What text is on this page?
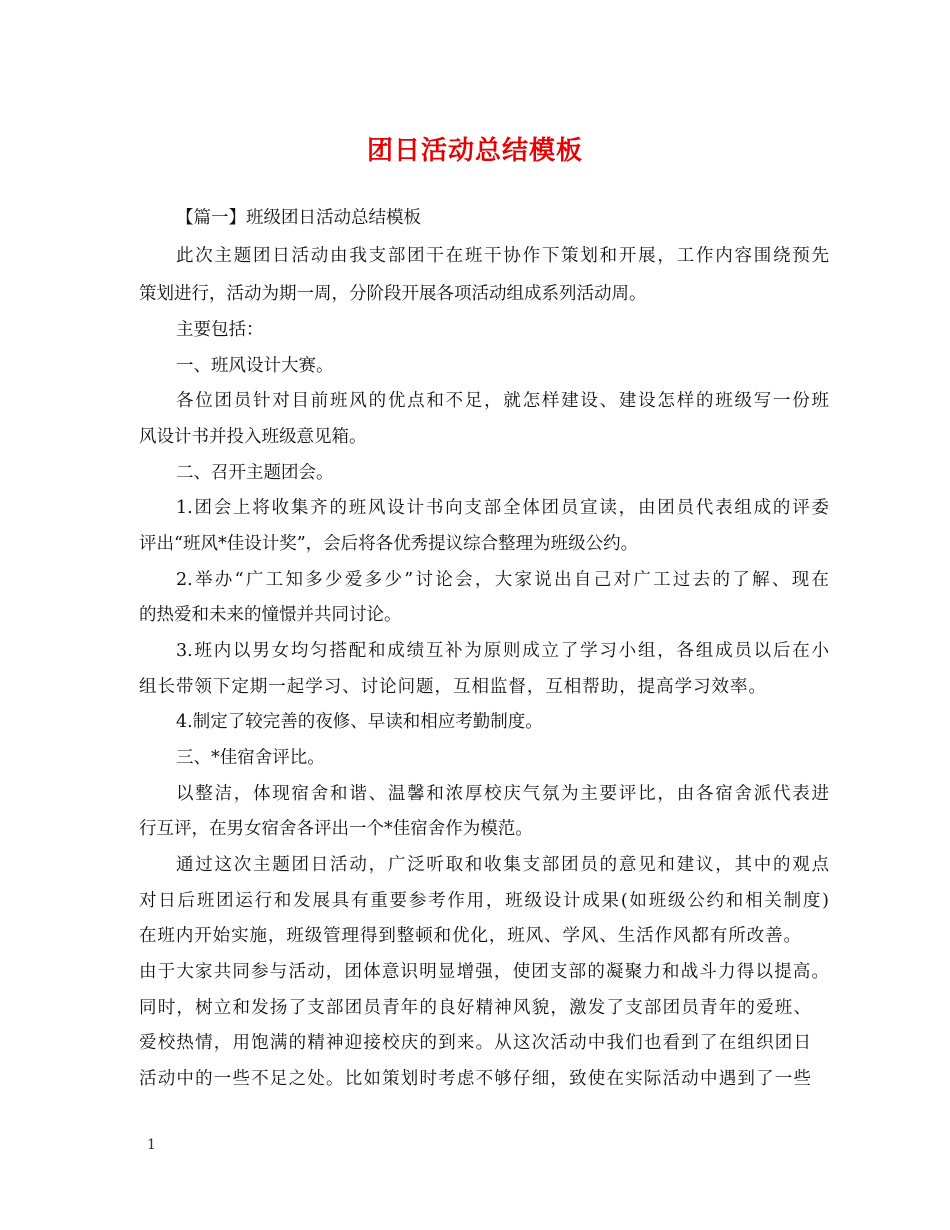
团日活动总结模板

【篇一】班级团日活动总结模板

此次主题团日活动由我支部团干在班干协作下策划和开展，工作内容围绕预先

策划进行，活动为期一周，分阶段开展各项活动组成系列活动周。

主要包括：

一、班风设计大赛。

各位团员针对目前班风的优点和不足，就怎样建设、建设怎样的班级写一份班

风设计书并投入班级意见箱。

二、召开主题团会。

1.团会上将收集齐的班风设计书向支部全体团员宣读，由团员代表组成的评委

评出“班风*佳设计奖”，会后将各优秀提议综合整理为班级公约。

2.举办“广工知多少爱多少”讨论会，大家说出自己对广工过去的了解、现在

的热爱和未来的憧憬并共同讨论。

3.班内以男女均匀搭配和成绩互补为原则成立了学习小组，各组成员以后在小

组长带领下定期一起学习、讨论问题，互相监督，互相帮助，提高学习效率。

4.制定了较完善的夜修、早读和相应考勤制度。

三、*佳宿舍评比。

以整洁，体现宿舍和谐、温馨和浓厚校庆气氛为主要评比，由各宿舍派代表进

行互评，在男女宿舍各评出一个*佳宿舍作为模范。

通过这次主题团日活动，广泛听取和收集支部团员的意见和建议，其中的观点

对日后班团运行和发展具有重要参考作用，班级设计成果(如班级公约和相关制度)

在班内开始实施，班级管理得到整顿和优化，班风、学风、生活作风都有所改善。

由于大家共同参与活动，团体意识明显增强，使团支部的凝聚力和战斗力得以提高。

同时，树立和发扬了支部团员青年的良好精神风貌，激发了支部团员青年的爱班、

爱校热情，用饱满的精神迎接校庆的到来。从这次活动中我们也看到了在组织团日

活动中的一些不足之处。比如策划时考虑不够仔细，致使在实际活动中遇到了一些

1
